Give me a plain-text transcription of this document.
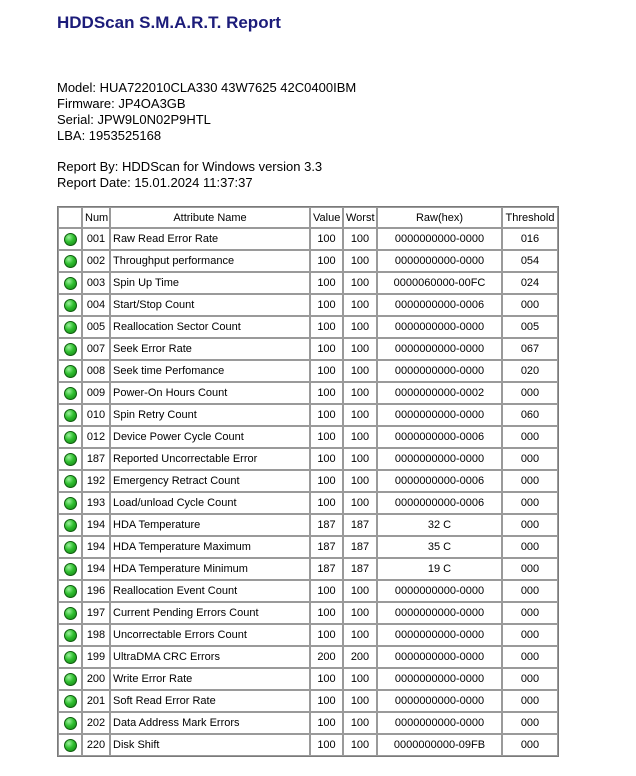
HDDScan S.M.A.R.T. Report
Model: HUA722010CLA330 43W7625 42C0400IBM
Firmware: JP4OA3GB
Serial: JPW9L0N02P9HTL
LBA: 1953525168
Report By: HDDScan for Windows version 3.3
Report Date: 15.01.2024 11:37:37
	Num	Attribute Name	Value	Worst	Raw(hex)	Threshold

	001	Raw Read Error Rate	100	100	0000000000-0000	016

	002	Throughput performance	100	100	0000000000-0000	054

	003	Spin Up Time	100	100	0000060000-00FC	024

	004	Start/Stop Count	100	100	0000000000-0006	000

	005	Reallocation Sector Count	100	100	0000000000-0000	005

	007	Seek Error Rate	100	100	0000000000-0000	067

	008	Seek time Perfomance	100	100	0000000000-0000	020

	009	Power-On Hours Count	100	100	0000000000-0002	000

	010	Spin Retry Count	100	100	0000000000-0000	060

	012	Device Power Cycle Count	100	100	0000000000-0006	000

	187	Reported Uncorrectable Error	100	100	0000000000-0000	000

	192	Emergency Retract Count	100	100	0000000000-0006	000

	193	Load/unload Cycle Count	100	100	0000000000-0006	000

	194	HDA Temperature	187	187	32 C	000

	194	HDA Temperature Maximum	187	187	35 C	000

	194	HDA Temperature Minimum	187	187	19 C	000

	196	Reallocation Event Count	100	100	0000000000-0000	000

	197	Current Pending Errors Count	100	100	0000000000-0000	000

	198	Uncorrectable Errors Count	100	100	0000000000-0000	000

	199	UltraDMA CRC Errors	200	200	0000000000-0000	000

	200	Write Error Rate	100	100	0000000000-0000	000

	201	Soft Read Error Rate	100	100	0000000000-0000	000

	202	Data Address Mark Errors	100	100	0000000000-0000	000

	220	Disk Shift	100	100	0000000000-09FB	000
